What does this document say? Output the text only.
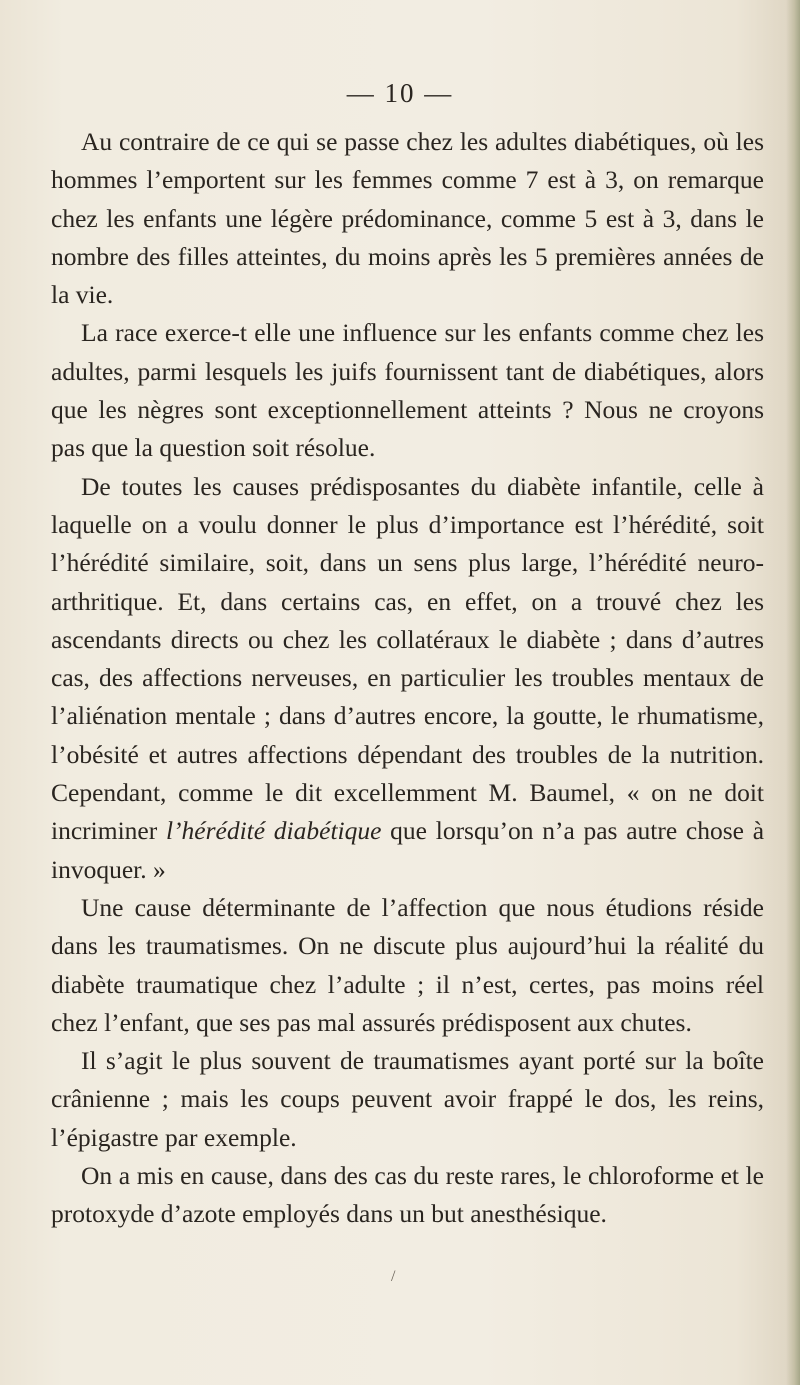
— 10 —

Au contraire de ce qui se passe chez les adultes diabétiques, où les hommes l’emportent sur les femmes comme 7 est à 3, on remarque chez les enfants une légère prédominance, comme 5 est à 3, dans le nombre des filles atteintes, du moins après les 5 premières années de la vie.

La race exerce-t elle une influence sur les enfants comme chez les adultes, parmi lesquels les juifs fournissent tant de diabétiques, alors que les nègres sont exceptionnellement atteints ? Nous ne croyons pas que la question soit résolue.

De toutes les causes prédisposantes du diabète infantile, celle à laquelle on a voulu donner le plus d’importance est l’hérédité, soit l’hérédité similaire, soit, dans un sens plus large, l’hérédité neuro-arthritique. Et, dans certains cas, en effet, on a trouvé chez les ascendants directs ou chez les collatéraux le diabète ; dans d’autres cas, des affections nerveuses, en particulier les troubles mentaux de l’aliénation mentale ; dans d’autres encore, la goutte, le rhumatisme, l’obésité et autres affections dépendant des troubles de la nutrition. Cependant, comme le dit excellemment M. Baumel, « on ne doit incriminer l’hérédité diabétique que lorsqu’on n’a pas autre chose à invoquer. »

Une cause déterminante de l’affection que nous étudions réside dans les traumatismes. On ne discute plus aujourd’hui la réalité du diabète traumatique chez l’adulte ; il n’est, certes, pas moins réel chez l’enfant, que ses pas mal assurés prédisposent aux chutes.

Il s’agit le plus souvent de traumatismes ayant porté sur la boîte crânienne ; mais les coups peuvent avoir frappé le dos, les reins, l’épigastre par exemple.

On a mis en cause, dans des cas du reste rares, le chloroforme et le protoxyde d’azote employés dans un but anesthésique.

/
